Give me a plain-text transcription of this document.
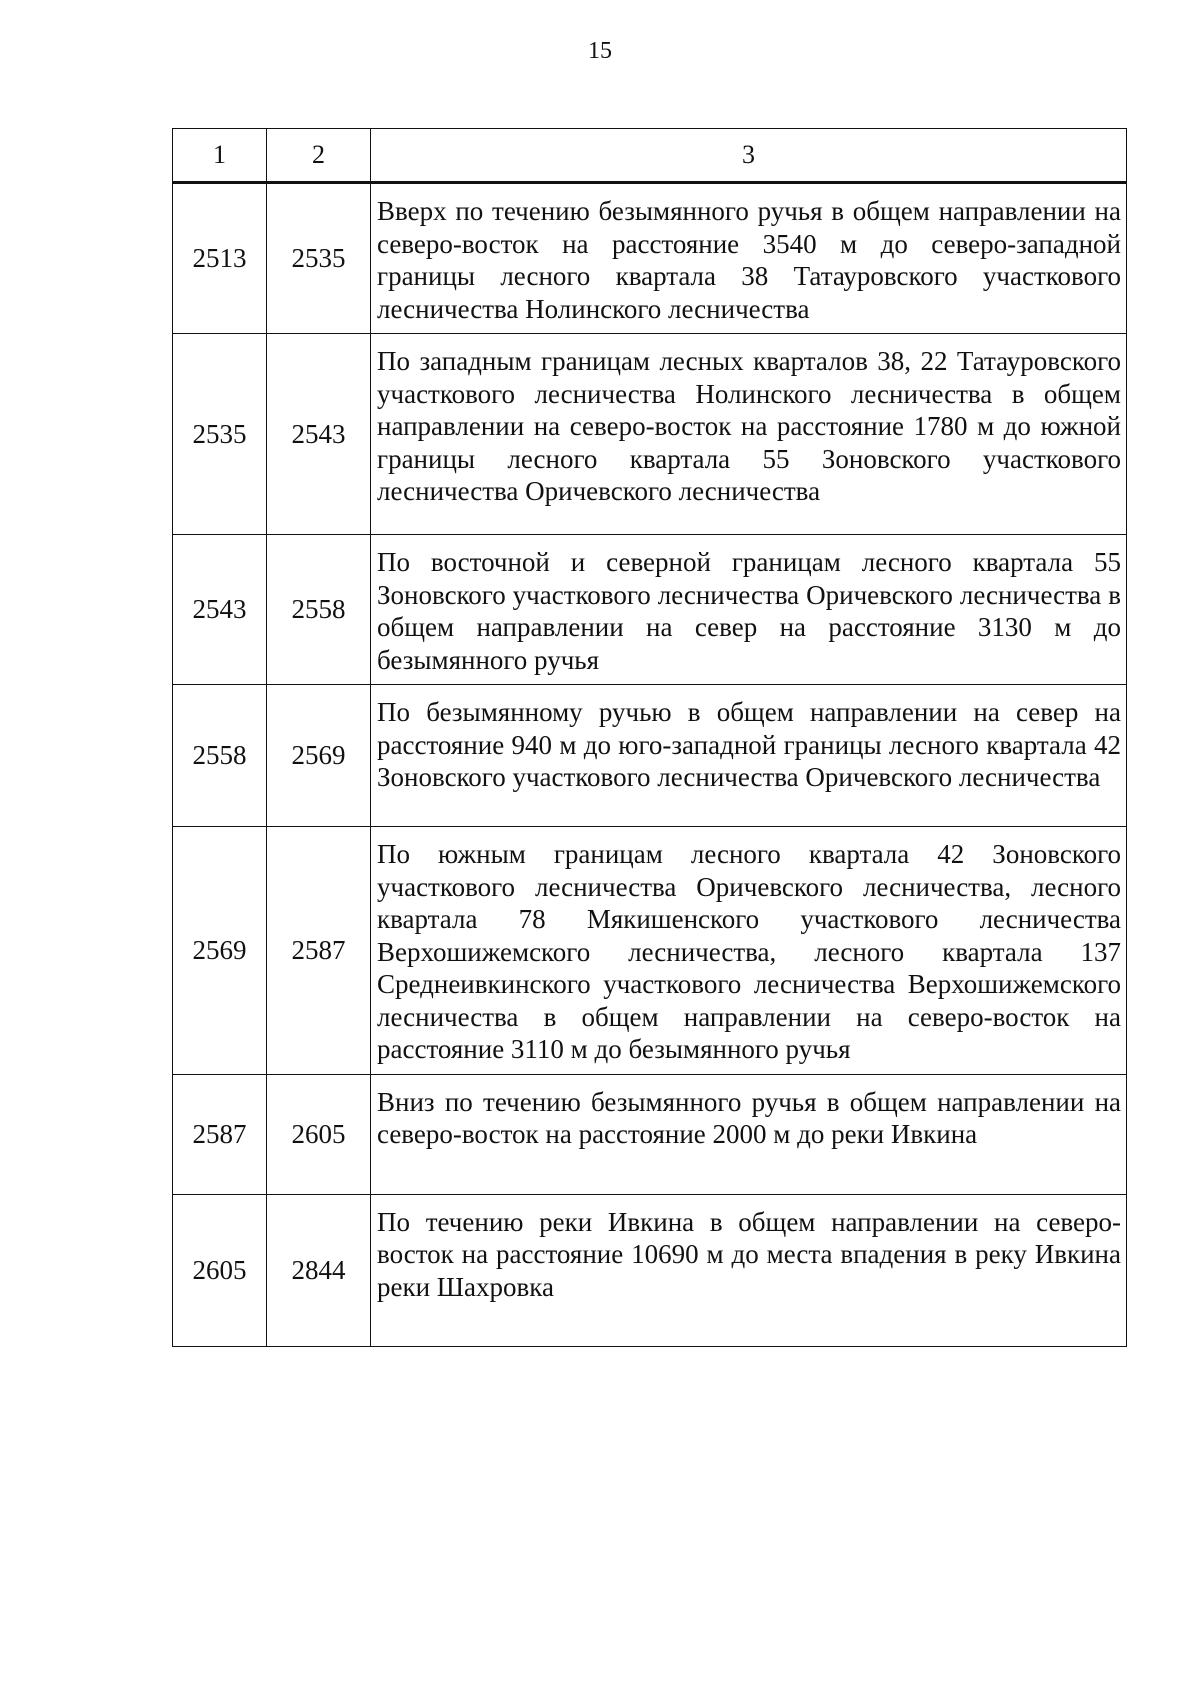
15
1	2	3
2513	2535	Вверх по течению безымянного ручья в общем направлении на северо-восток на расстояние 3540 м до северо-западной границы лесного квартала 38 Татауровского участкового лесничества Нолинского лесничества
2535	2543	По западным границам лесных кварталов 38, 22 Татауровского участкового лесничества Нолинского лесничества в общем направлении на северо-восток на расстояние 1780 м до южной границы лесного квартала 55 Зоновского участкового лесничества Оричевского лесничества
2543	2558	По восточной и северной границам лесного квартала 55 Зоновского участкового лесничества Оричевского лесничества в общем направлении на север на расстояние 3130 м до безымянного ручья
2558	2569	По безымянному ручью в общем направлении на север на расстояние 940 м до юго-западной границы лесного квартала 42 Зоновского участкового лесничества Оричевского лесничества
2569	2587	По южным границам лесного квартала 42 Зоновского участкового лесничества Оричевского лесничества, лесного квартала 78 Мякишенского участкового лесничества Верхошижемского лесничества, лесного квартала 137 Среднеивкинского участкового лесничества Верхошижемского лесничества в общем направлении на северо-восток на расстояние 3110 м до безымянного ручья
2587	2605	Вниз по течению безымянного ручья в общем направлении на северо-восток на расстояние 2000 м до реки Ивкина
2605	2844	По течению реки Ивкина в общем направлении на северо-восток на расстояние 10690 м до места впадения в реку Ивкина реки Шахровка
